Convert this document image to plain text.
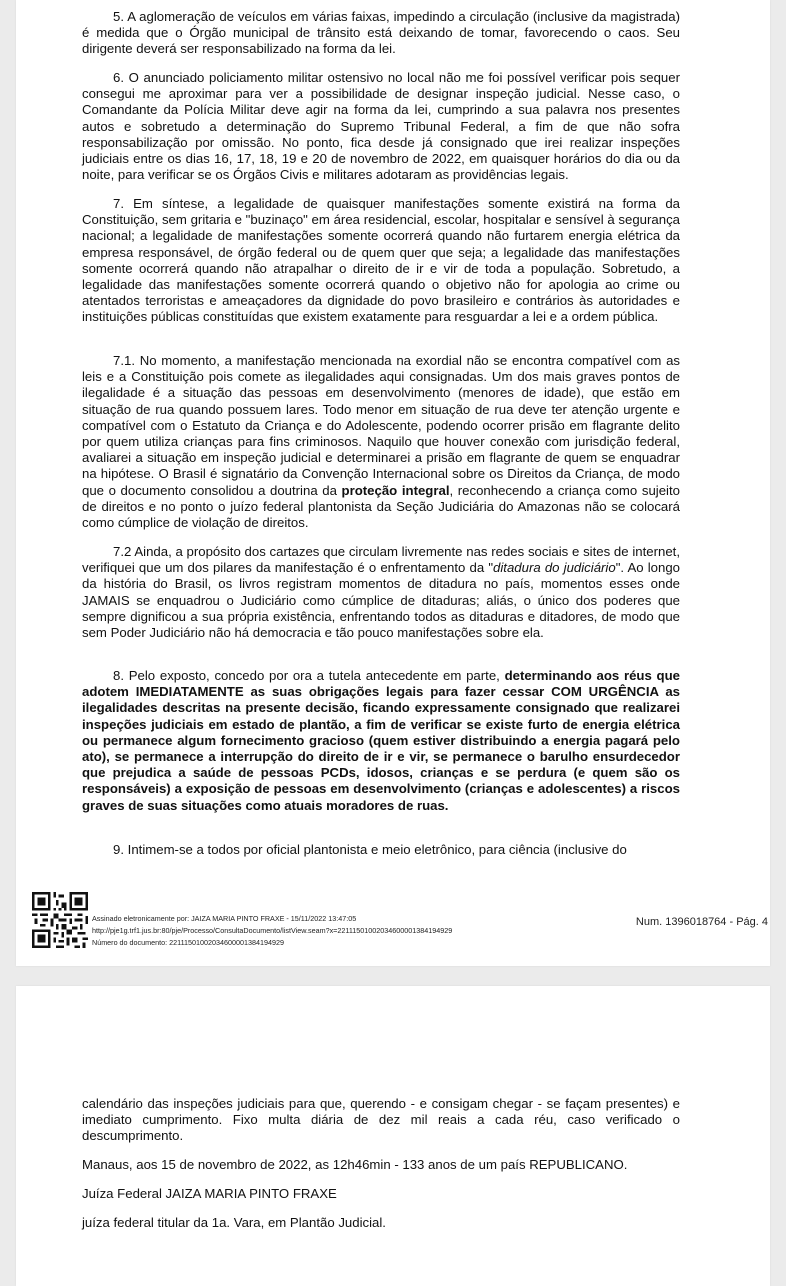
5. A aglomeração de veículos em várias faixas, impedindo a circulação (inclusive da magistrada) é medida que o Órgão municipal de trânsito está deixando de tomar, favorecendo o caos. Seu dirigente deverá ser responsabilizado na forma da lei.

6. O anunciado policiamento militar ostensivo no local não me foi possível verificar pois sequer consegui me aproximar para ver a possibilidade de designar inspeção judicial. Nesse caso, o Comandante da Polícia Militar deve agir na forma da lei, cumprindo a sua palavra nos presentes autos e sobretudo a determinação do Supremo Tribunal Federal, a fim de que não sofra responsabilização por omissão. No ponto, fica desde já consignado que irei realizar inspeções judiciais entre os dias 16, 17, 18, 19 e 20 de novembro de 2022, em quaisquer horários do dia ou da noite, para verificar se os Órgãos Civis e militares adotaram as providências legais.

7. Em síntese, a legalidade de quaisquer manifestações somente existirá na forma da Constituição, sem gritaria e "buzinaço" em área residencial, escolar, hospitalar e sensível à segurança nacional; a legalidade de manifestações somente ocorrerá quando não furtarem energia elétrica da empresa responsável, de órgão federal ou de quem quer que seja; a legalidade das manifestações somente ocorrerá quando não atrapalhar o direito de ir e vir de toda a população. Sobretudo, a legalidade das manifestações somente ocorrerá quando o objetivo não for apologia ao crime ou atentados terroristas e ameaçadores da dignidade do povo brasileiro e contrários às autoridades e instituições públicas constituídas que existem exatamente para resguardar a lei e a ordem pública.

7.1. No momento, a manifestação mencionada na exordial não se encontra compatível com as leis e a Constituição pois comete as ilegalidades aqui consignadas. Um dos mais graves pontos de ilegalidade é a situação das pessoas em desenvolvimento (menores de idade), que estão em situação de rua quando possuem lares. Todo menor em situação de rua deve ter atenção urgente e compatível com o Estatuto da Criança e do Adolescente, podendo ocorrer prisão em flagrante delito por quem utiliza crianças para fins criminosos. Naquilo que houver conexão com jurisdição federal, avaliarei a situação em inspeção judicial e determinarei a prisão em flagrante de quem se enquadrar na hipótese. O Brasil é signatário da Convenção Internacional sobre os Direitos da Criança, de modo que o documento consolidou a doutrina da proteção integral, reconhecendo a criança como sujeito de direitos e no ponto o juízo federal plantonista da Seção Judiciária do Amazonas não se colocará como cúmplice de violação de direitos.

7.2 Ainda, a propósito dos cartazes que circulam livremente nas redes sociais e sites de internet, verifiquei que um dos pilares da manifestação é o enfrentamento da "ditadura do judiciário". Ao longo da história do Brasil, os livros registram momentos de ditadura no país, momentos esses onde JAMAIS se enquadrou o Judiciário como cúmplice de ditaduras; aliás, o único dos poderes que sempre dignificou a sua própria existência, enfrentando todos as ditaduras e ditadores, de modo que sem Poder Judiciário não há democracia e tão pouco manifestações sobre ela.

8. Pelo exposto, concedo por ora a tutela antecedente em parte, determinando aos réus que adotem IMEDIATAMENTE as suas obrigações legais para fazer cessar COM URGÊNCIA as ilegalidades descritas na presente decisão, ficando expressamente consignado que realizarei inspeções judiciais em estado de plantão, a fim de verificar se existe furto de energia elétrica ou permanece algum fornecimento gracioso (quem estiver distribuindo a energia pagará pelo ato), se permanece a interrupção do direito de ir e vir, se permanece o barulho ensurdecedor que prejudica a saúde de pessoas PCDs, idosos, crianças e se perdura (e quem são os responsáveis) a exposição de pessoas em desenvolvimento (crianças e adolescentes) a riscos graves de suas situações como atuais moradores de ruas.

9. Intimem-se a todos por oficial plantonista e meio eletrônico, para ciência (inclusive do

Assinado eletronicamente por: JAIZA MARIA PINTO FRAXE - 15/11/2022 13:47:05
http://pje1g.trf1.jus.br:80/pje/Processo/ConsultaDocumento/listView.seam?x=22111501002034600001384194929
Número do documento: 22111501002034600001384194929
Num. 1396018764 - Pág. 4

calendário das inspeções judiciais para que, querendo - e consigam chegar - se façam presentes) e imediato cumprimento. Fixo multa diária de dez mil reais a cada réu, caso verificado o descumprimento.

Manaus, aos 15 de novembro de 2022, as 12h46min - 133 anos de um país REPUBLICANO.

Juíza Federal JAIZA MARIA PINTO FRAXE

juíza federal titular da 1a. Vara, em Plantão Judicial.
